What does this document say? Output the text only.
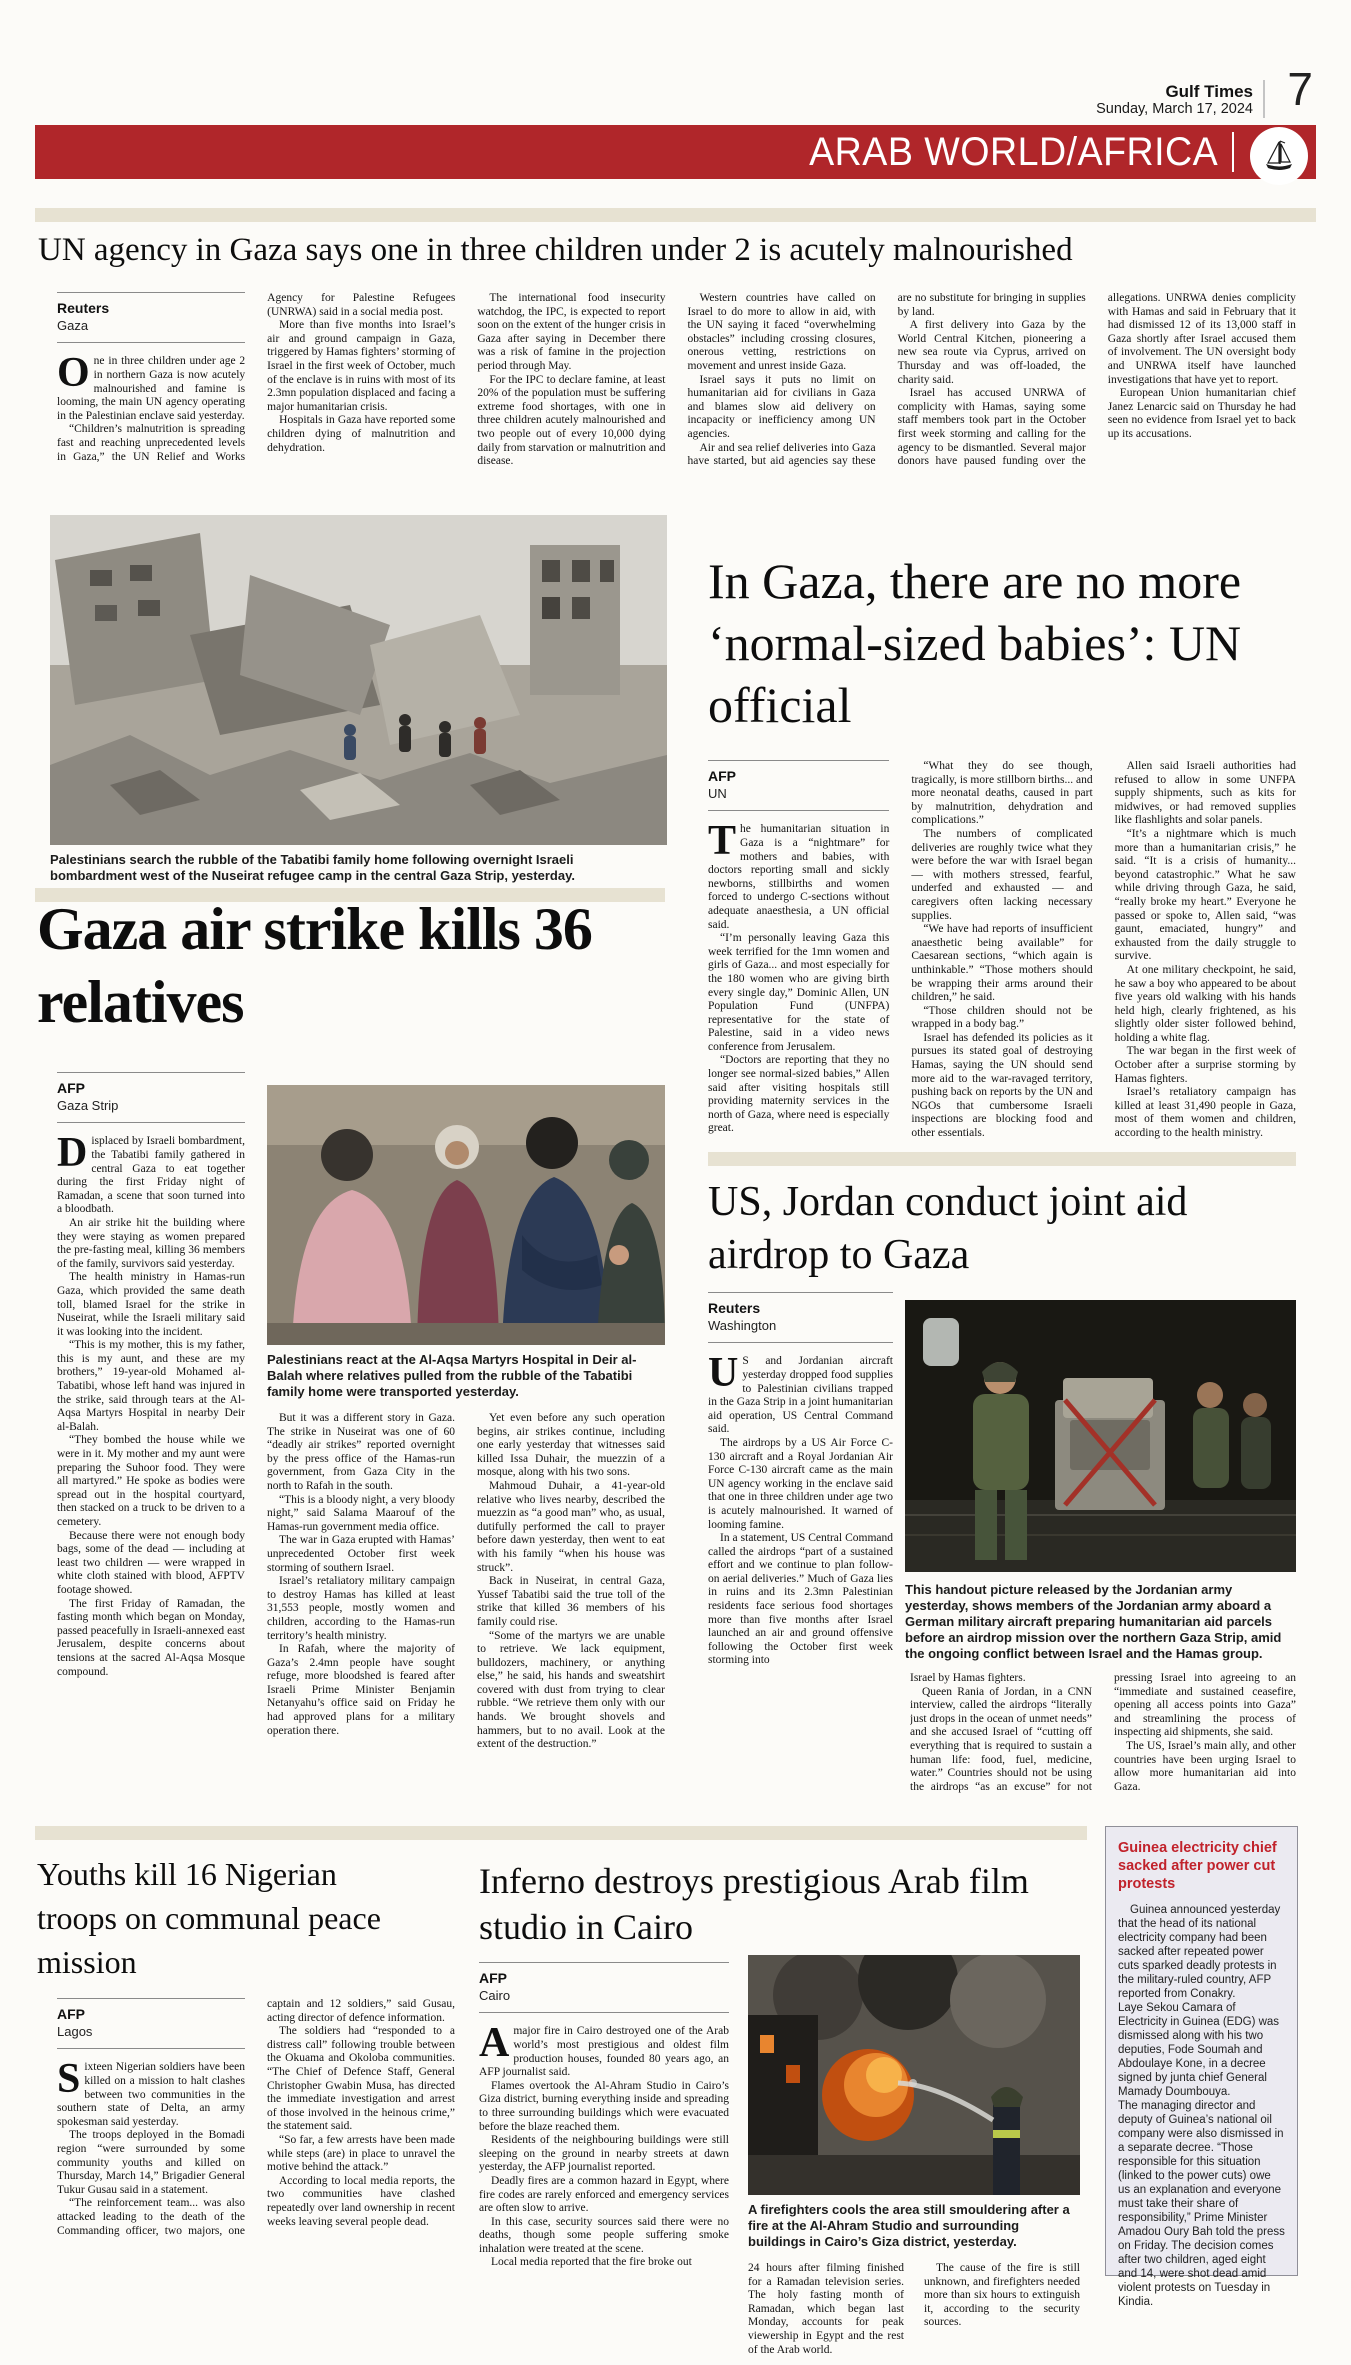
Gulf Times
Sunday, March 17, 2024 7
ARAB WORLD/AFRICA
UN agency in Gaza says one in three children under 2 is acutely malnourished
Reuters
Gaza

One in three children under age 2 in northern Gaza is now acutely malnourished and famine is looming, the main UN agency operating in the Palestinian enclave said yesterday.

“Children’s malnutrition is spreading fast and reaching unprecedented levels in Gaza,” the UN Relief and Works Agency for Palestine Refugees (UNRWA) said in a social media post.

More than five months into Israel’s air and ground campaign in Gaza, triggered by Hamas fighters’ storming of Israel in the first week of October, much of the enclave is in ruins with most of its 2.3mn population displaced and facing a major humanitarian crisis.

Hospitals in Gaza have reported some children dying of malnutrition and dehydration.

The international food insecurity watchdog, the IPC, is expected to report soon on the extent of the hunger crisis in Gaza after saying in December there was a risk of famine in the projection period through May.

For the IPC to declare famine, at least 20% of the population must be suffering extreme food shortages, with one in three children acutely malnourished and two people out of every 10,000 dying daily from starvation or malnutrition and disease.

Western countries have called on Israel to do more to allow in aid, with the UN saying it faced “overwhelming obstacles” including crossing closures, onerous vetting, restrictions on movement and unrest inside Gaza.

Israel says it puts no limit on humanitarian aid for civilians in Gaza and blames slow aid delivery on incapacity or inefficiency among UN agencies.

Air and sea relief deliveries into Gaza have started, but aid agencies say these are no substitute for bringing in supplies by land.

A first delivery into Gaza by the World Central Kitchen, pioneering a new sea route via Cyprus, arrived on Thursday and was off-loaded, the charity said.

Israel has accused UNRWA of complicity with Hamas, saying some staff members took part in the October first week storming and calling for the agency to be dismantled. Several major donors have paused funding over the allegations. UNRWA denies complicity with Hamas and said in February that it had dismissed 12 of its 13,000 staff in Gaza shortly after Israel accused them of involvement. The UN oversight body and UNRWA itself have launched investigations that have yet to report.

European Union humanitarian chief Janez Lenarcic said on Thursday he had seen no evidence from Israel yet to back up its accusations.

Palestinians search the rubble of the Tabatibi family home following overnight Israeli bombardment west of the Nuseirat refugee camp in the central Gaza Strip, yesterday.
In Gaza, there are no more ‘normal-sized babies’: UN official
AFP
UN

The humanitarian situation in Gaza is a “nightmare” for mothers and babies, with doctors reporting small and sickly newborns, stillbirths and women forced to undergo C-sections without adequate anaesthesia, a UN official said.

“I’m personally leaving Gaza this week terrified for the 1mn women and girls of Gaza... and most especially for the 180 women who are giving birth every single day,” Dominic Allen, UN Population Fund (UNFPA) representative for the state of Palestine, said in a video news conference from Jerusalem.

“Doctors are reporting that they no longer see normal-sized babies,” Allen said after visiting hospitals still providing maternity services in the north of Gaza, where need is especially great.

“What they do see though, tragically, is more stillborn births... and more neonatal deaths, caused in part by malnutrition, dehydration and complications.”

The numbers of complicated deliveries are roughly twice what they were before the war with Israel began — with mothers stressed, fearful, underfed and exhausted — and caregivers often lacking necessary supplies.

“We have had reports of insufficient anaesthetic being available” for Caesarean sections, “which again is unthinkable.” “Those mothers should be wrapping their arms around their children,” he said.

“Those children should not be wrapped in a body bag.”

Israel has defended its policies as it pursues its stated goal of destroying Hamas, saying the UN should send more aid to the war-ravaged territory, pushing back on reports by the UN and NGOs that cumbersome Israeli inspections are blocking food and other essentials.

Allen said Israeli authorities had refused to allow in some UNFPA supply shipments, such as kits for midwives, or had removed supplies like flashlights and solar panels.

“It’s a nightmare which is much more than a humanitarian crisis,” he said. “It is a crisis of humanity... beyond catastrophic.” What he saw while driving through Gaza, he said, “really broke my heart.” Everyone he passed or spoke to, Allen said, “was gaunt, emaciated, hungry” and exhausted from the daily struggle to survive.

At one military checkpoint, he said, he saw a boy who appeared to be about five years old walking with his hands held high, clearly frightened, as his slightly older sister followed behind, holding a white flag.

The war began in the first week of October after a surprise storming by Hamas fighters.

Israel’s retaliatory campaign has killed at least 31,490 people in Gaza, most of them women and children, according to the health ministry.

US, Jordan conduct joint aid airdrop to Gaza
Reuters
Washington

US and Jordanian aircraft yesterday dropped food supplies to Palestinian civilians trapped in the Gaza Strip in a joint humanitarian aid operation, US Central Command said.

The airdrops by a US Air Force C-130 aircraft and a Royal Jordanian Air Force C-130 aircraft came as the main UN agency working in the enclave said that one in three children under age two is acutely malnourished. It warned of looming famine.

In a statement, US Central Command called the airdrops “part of a sustained effort and we continue to plan follow-on aerial deliveries.” Much of Gaza lies in ruins and its 2.3mn Palestinian residents face serious food shortages more than five months after Israel launched an air and ground offensive following the October first week storming into

This handout picture released by the Jordanian army yesterday, shows members of the Jordanian army aboard a German military aircraft preparing humanitarian aid parcels before an airdrop mission over the northern Gaza Strip, amid the ongoing conflict between Israel and the Hamas group.

Israel by Hamas fighters.

Queen Rania of Jordan, in a CNN interview, called the airdrops “literally just drops in the ocean of unmet needs” and she accused Israel of “cutting off everything that is required to sustain a human life: food, fuel, medicine, water.” Countries should not be using the airdrops “as an excuse” for not pressing Israel into agreeing to an “immediate and sustained ceasefire, opening all access points into Gaza” and streamlining the process of inspecting aid shipments, she said.

The US, Israel’s main ally, and other countries have been urging Israel to allow more humanitarian aid into Gaza.

Gaza air strike kills 36 relatives
AFP
Gaza Strip

Displaced by Israeli bombardment, the Tabatibi family gathered in central Gaza to eat together during the first Friday night of Ramadan, a scene that soon turned into a bloodbath.

An air strike hit the building where they were staying as women prepared the pre-fasting meal, killing 36 members of the family, survivors said yesterday.

The health ministry in Hamas-run Gaza, which provided the same death toll, blamed Israel for the strike in Nuseirat, while the Israeli military said it was looking into the incident.

“This is my mother, this is my father, this is my aunt, and these are my brothers,” 19-year-old Mohamed al-Tabatibi, whose left hand was injured in the strike, said through tears at the Al-Aqsa Martyrs Hospital in nearby Deir al-Balah.

“They bombed the house while we were in it. My mother and my aunt were preparing the Suhoor food. They were all martyred.” He spoke as bodies were spread out in the hospital courtyard, then stacked on a truck to be driven to a cemetery.

Because there were not enough body bags, some of the dead — including at least two children — were wrapped in white cloth stained with blood, AFPTV footage showed.

The first Friday of Ramadan, the fasting month which began on Monday, passed peacefully in Israeli-annexed east Jerusalem, despite concerns about tensions at the sacred Al-Aqsa Mosque compound.

Palestinians react at the Al-Aqsa Martyrs Hospital in Deir al-Balah where relatives pulled from the rubble of the Tabatibi family home were transported yesterday.

But it was a different story in Gaza. The strike in Nuseirat was one of 60 “deadly air strikes” reported overnight by the press office of the Hamas-run government, from Gaza City in the north to Rafah in the south.

“This is a bloody night, a very bloody night,” said Salama Maarouf of the Hamas-run government media office.

The war in Gaza erupted with Hamas’ unprecedented October first week storming of southern Israel.

Israel’s retaliatory military campaign to destroy Hamas has killed at least 31,553 people, mostly women and children, according to the Hamas-run territory’s health ministry.

In Rafah, where the majority of Gaza’s 2.4mn people have sought refuge, more bloodshed is feared after Israeli Prime Minister Benjamin Netanyahu’s office said on Friday he had approved plans for a military operation there.

Yet even before any such operation begins, air strikes continue, including one early yesterday that witnesses said killed Issa Duhair, the muezzin of a mosque, along with his two sons.

Mahmoud Duhair, a 41-year-old relative who lives nearby, described the muezzin as “a good man” who, as usual, dutifully performed the call to prayer before dawn yesterday, then went to eat with his family “when his house was struck”.

Back in Nuseirat, in central Gaza, Yussef Tabatibi said the true toll of the strike that killed 36 members of his family could rise.

“Some of the martyrs we are unable to retrieve. We lack equipment, bulldozers, machinery, or anything else,” he said, his hands and sweatshirt covered with dust from trying to clear rubble. “We retrieve them only with our hands. We brought shovels and hammers, but to no avail. Look at the extent of the destruction.”

Youths kill 16 Nigerian troops on communal peace mission
AFP
Lagos

Sixteen Nigerian soldiers have been killed on a mission to halt clashes between two communities in the southern state of Delta, an army spokesman said yesterday.

The troops deployed in the Bomadi region “were surrounded by some community youths and killed on Thursday, March 14,” Brigadier General Tukur Gusau said in a statement.

“The reinforcement team... was also attacked leading to the death of the Commanding officer, two majors, one captain and 12 soldiers,” said Gusau, acting director of defence information.

The soldiers had “responded to a distress call” following trouble between the Okuama and Okoloba communities. “The Chief of Defence Staff, General Christopher Gwabin Musa, has directed the immediate investigation and arrest of those involved in the heinous crime,” the statement said.

“So far, a few arrests have been made while steps (are) in place to unravel the motive behind the attack.”

According to local media reports, the two communities have clashed repeatedly over land ownership in recent weeks leaving several people dead.

Inferno destroys prestigious Arab film studio in Cairo
AFP
Cairo

Amajor fire in Cairo destroyed one of the Arab world’s most prestigious and oldest film production houses, founded 80 years ago, an AFP journalist said.

Flames overtook the Al-Ahram Studio in Cairo’s Giza district, burning everything inside and spreading to three surrounding buildings which were evacuated before the blaze reached them.

Residents of the neighbouring buildings were still sleeping on the ground in nearby streets at dawn yesterday, the AFP journalist reported.

Deadly fires are a common hazard in Egypt, where fire codes are rarely enforced and emergency services are often slow to arrive.

In this case, security sources said there were no deaths, though some people suffering smoke inhalation were treated at the scene.

Local media reported that the fire broke out

A firefighters cools the area still smouldering after a fire at the Al-Ahram Studio and surrounding buildings in Cairo’s Giza district, yesterday.

24 hours after filming finished for a Ramadan television series. The holy fasting month of Ramadan, which began last Monday, accounts for peak viewership in Egypt and the rest of the Arab world.

The cause of the fire is still unknown, and firefighters needed more than six hours to extinguish it, according to the security sources.

Guinea electricity chief sacked after power cut protests

Guinea announced yesterday that the head of its national electricity company had been sacked after repeated power cuts sparked deadly protests in the military-ruled country, AFP reported from Conakry.

Laye Sekou Camara of Electricity in Guinea (EDG) was dismissed along with his two deputies, Fode Soumah and Abdoulaye Kone, in a decree signed by junta chief General Mamady Doumbouya.

The managing director and deputy of Guinea’s national oil company were also dismissed in a separate decree. “Those responsible for this situation (linked to the power cuts) owe us an explanation and everyone must take their share of responsibility,” Prime Minister Amadou Oury Bah told the press on Friday. The decision comes after two children, aged eight and 14, were shot dead amid violent protests on Tuesday in Kindia.
